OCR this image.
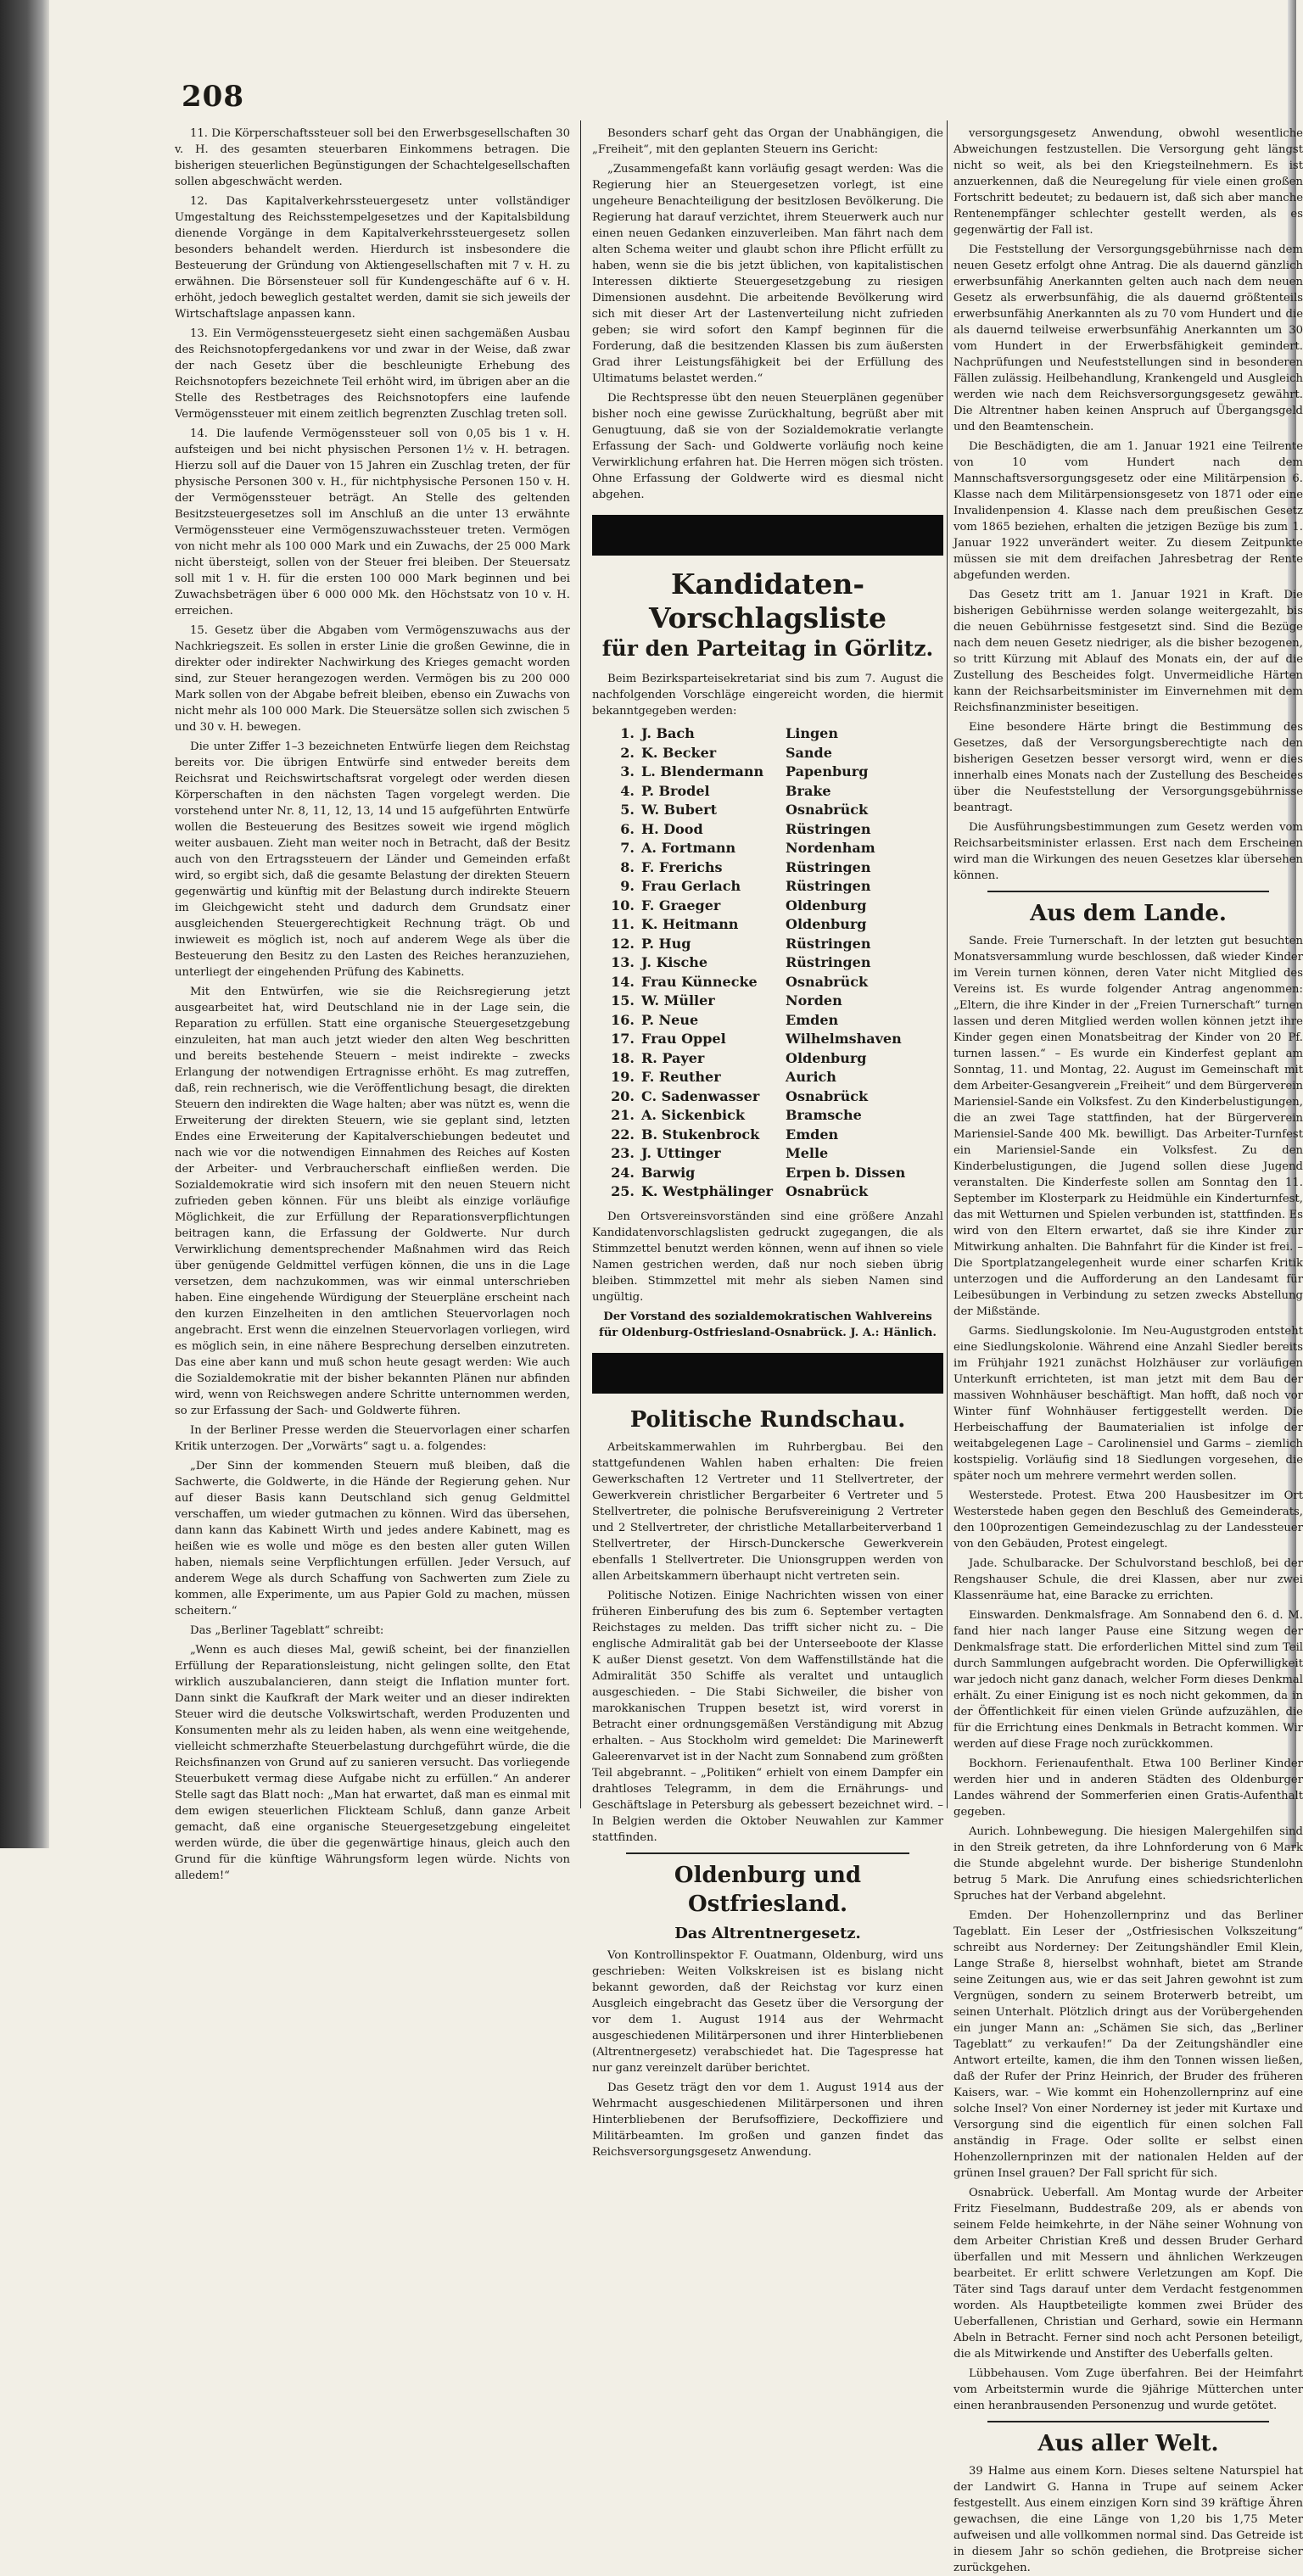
208

11. Die Körperschaftssteuer soll bei den Erwerbsgesellschaften 30 v. H. des gesamten steuerbaren Einkommens betragen. Die bisherigen steuerlichen Begünstigungen der Schachtelgesellschaften sollen abgeschwächt werden.

12. Das Kapitalverkehrssteuergesetz unter vollständiger Umgestaltung des Reichsstempelgesetzes und der Kapitalsbildung dienende Vorgänge in dem Kapitalverkehrssteuergesetz sollen besonders behandelt werden. Hierdurch ist insbesondere die Besteuerung der Gründung von Aktiengesellschaften mit 7 v. H. zu erwähnen. Die Börsensteuer soll für Kundengeschäfte auf 6 v. H. erhöht, jedoch beweglich gestaltet werden, damit sie sich jeweils der Wirtschaftslage anpassen kann.

13. Ein Vermögenssteuergesetz sieht einen sachgemäßen Ausbau des Reichsnotopfergedankens vor und zwar in der Weise, daß zwar der nach Gesetz über die beschleunigte Erhebung des Reichsnotopfers bezeichnete Teil erhöht wird, im übrigen aber an die Stelle des Restbetrages des Reichsnotopfers eine laufende Vermögenssteuer mit einem zeitlich begrenzten Zuschlag treten soll.

14. Die laufende Vermögenssteuer soll von 0,05 bis 1 v. H. aufsteigen und bei nicht physischen Personen 1½ v. H. betragen. Hierzu soll auf die Dauer von 15 Jahren ein Zuschlag treten, der für physische Personen 300 v. H., für nichtphysische Personen 150 v. H. der Vermögenssteuer beträgt. An Stelle des geltenden Besitzsteuergesetzes soll im Anschluß an die unter 13 erwähnte Vermögenssteuer eine Vermögenszuwachssteuer treten. Vermögen von nicht mehr als 100 000 Mark und ein Zuwachs, der 25 000 Mark nicht übersteigt, sollen von der Steuer frei bleiben. Der Steuersatz soll mit 1 v. H. für die ersten 100 000 Mark beginnen und bei Zuwachsbeträgen über 6 000 000 Mk. den Höchstsatz von 10 v. H. erreichen.

15. Gesetz über die Abgaben vom Vermögenszuwachs aus der Nachkriegszeit. Es sollen in erster Linie die großen Gewinne, die in direkter oder indirekter Nachwirkung des Krieges gemacht worden sind, zur Steuer herangezogen werden. Vermögen bis zu 200 000 Mark sollen von der Abgabe befreit bleiben, ebenso ein Zuwachs von nicht mehr als 100 000 Mark. Die Steuersätze sollen sich zwischen 5 und 30 v. H. bewegen.

Die unter Ziffer 1–3 bezeichneten Entwürfe liegen dem Reichstag bereits vor. Die übrigen Entwürfe sind entweder bereits dem Reichsrat und Reichswirtschaftsrat vorgelegt oder werden diesen Körperschaften in den nächsten Tagen vorgelegt werden. Die vorstehend unter Nr. 8, 11, 12, 13, 14 und 15 aufgeführten Entwürfe wollen die Besteuerung des Besitzes soweit wie irgend möglich weiter ausbauen. Zieht man weiter noch in Betracht, daß der Besitz auch von den Ertragssteuern der Länder und Gemeinden erfaßt wird, so ergibt sich, daß die gesamte Belastung der direkten Steuern gegenwärtig und künftig mit der Belastung durch indirekte Steuern im Gleichgewicht steht und dadurch dem Grundsatz einer ausgleichenden Steuergerechtigkeit Rechnung trägt. Ob und inwieweit es möglich ist, noch auf anderem Wege als über die Besteuerung den Besitz zu den Lasten des Reiches heranzuziehen, unterliegt der eingehenden Prüfung des Kabinetts.

Mit den Entwürfen, wie sie die Reichsregierung jetzt ausgearbeitet hat, wird Deutschland nie in der Lage sein, die Reparation zu erfüllen. Statt eine organische Steuergesetzgebung einzuleiten, hat man auch jetzt wieder den alten Weg beschritten und bereits bestehende Steuern – meist indirekte – zwecks Erlangung der notwendigen Ertragnisse erhöht. Es mag zutreffen, daß, rein rechnerisch, wie die Veröffentlichung besagt, die direkten Steuern den indirekten die Wage halten; aber was nützt es, wenn die Erweiterung der direkten Steuern, wie sie geplant sind, letzten Endes eine Erweiterung der Kapitalverschiebungen bedeutet und nach wie vor die notwendigen Einnahmen des Reiches auf Kosten der Arbeiter- und Verbraucherschaft einfließen werden. Die Sozialdemokratie wird sich insofern mit den neuen Steuern nicht zufrieden geben können. Für uns bleibt als einzige vorläufige Möglichkeit, die zur Erfüllung der Reparationsverpflichtungen beitragen kann, die Erfassung der Goldwerte. Nur durch Verwirklichung dementsprechender Maßnahmen wird das Reich über genügende Geldmittel verfügen können, die uns in die Lage versetzen, dem nachzukommen, was wir einmal unterschrieben haben. Eine eingehende Würdigung der Steuerpläne erscheint nach den kurzen Einzelheiten in den amtlichen Steuervorlagen noch angebracht. Erst wenn die einzelnen Steuervorlagen vorliegen, wird es möglich sein, in eine nähere Besprechung derselben einzutreten. Das eine aber kann und muß schon heute gesagt werden: Wie auch die Sozialdemokratie mit der bisher bekannten Plänen nur abfinden wird, wenn von Reichswegen andere Schritte unternommen werden, so zur Erfassung der Sach- und Goldwerte führen.

In der Berliner Presse werden die Steuervorlagen einer scharfen Kritik unterzogen. Der „Vorwärts“ sagt u. a. folgendes:

„Der Sinn der kommenden Steuern muß bleiben, daß die Sachwerte, die Goldwerte, in die Hände der Regierung gehen. Nur auf dieser Basis kann Deutschland sich genug Geldmittel verschaffen, um wieder gutmachen zu können. Wird das übersehen, dann kann das Kabinett Wirth und jedes andere Kabinett, mag es heißen wie es wolle und möge es den besten aller guten Willen haben, niemals seine Verpflichtungen erfüllen. Jeder Versuch, auf anderem Wege als durch Schaffung von Sachwerten zum Ziele zu kommen, alle Experimente, um aus Papier Gold zu machen, müssen scheitern.“

Das „Berliner Tageblatt“ schreibt:

„Wenn es auch dieses Mal, gewiß scheint, bei der finanziellen Erfüllung der Reparationsleistung, nicht gelingen sollte, den Etat wirklich auszubalancieren, dann steigt die Inflation munter fort. Dann sinkt die Kaufkraft der Mark weiter und an dieser indirekten Steuer wird die deutsche Volkswirtschaft, werden Produzenten und Konsumenten mehr als zu leiden haben, als wenn eine weitgehende, vielleicht schmerzhafte Steuerbelastung durchgeführt würde, die die Reichsfinanzen von Grund auf zu sanieren versucht. Das vorliegende Steuerbukett vermag diese Aufgabe nicht zu erfüllen.“ An anderer Stelle sagt das Blatt noch: „Man hat erwartet, daß man es einmal mit dem ewigen steuerlichen Flickteam Schluß, dann ganze Arbeit gemacht, daß eine organische Steuergesetzgebung eingeleitet werden würde, die über die gegenwärtige hinaus, gleich auch den Grund für die künftige Währungsform legen würde. Nichts von alledem!“

Besonders scharf geht das Organ der Unabhängigen, die „Freiheit“, mit den geplanten Steuern ins Gericht:

„Zusammengefaßt kann vorläufig gesagt werden: Was die Regierung hier an Steuergesetzen vorlegt, ist eine ungeheure Benachteiligung der besitzlosen Bevölkerung. Die Regierung hat darauf verzichtet, ihrem Steuerwerk auch nur einen neuen Gedanken einzuverleiben. Man fährt nach dem alten Schema weiter und glaubt schon ihre Pflicht erfüllt zu haben, wenn sie die bis jetzt üblichen, von kapitalistischen Interessen diktierte Steuergesetzgebung zu riesigen Dimensionen ausdehnt. Die arbeitende Bevölkerung wird sich mit dieser Art der Lastenverteilung nicht zufrieden geben; sie wird sofort den Kampf beginnen für die Forderung, daß die besitzenden Klassen bis zum äußersten Grad ihrer Leistungsfähigkeit bei der Erfüllung des Ultimatums belastet werden.“

Die Rechtspresse übt den neuen Steuerplänen gegenüber bisher noch eine gewisse Zurückhaltung, begrüßt aber mit Genugtuung, daß sie von der Sozialdemokratie verlangte Erfassung der Sach- und Goldwerte vorläufig noch keine Verwirklichung erfahren hat. Die Herren mögen sich trösten. Ohne Erfassung der Goldwerte wird es diesmal nicht abgehen.

Kandidaten-Vorschlagsliste
für den Parteitag in Görlitz.

Beim Bezirksparteisekretariat sind bis zum 7. August die nachfolgenden Vorschläge eingereicht worden, die hiermit bekanntgegeben werden:

1.	J. Bach	Lingen
2.	K. Becker	Sande
3.	L. Blendermann	Papenburg
4.	P. Brodel	Brake
5.	W. Bubert	Osnabrück
6.	H. Dood	Rüstringen
7.	A. Fortmann	Nordenham
8.	F. Frerichs	Rüstringen
9.	Frau Gerlach	Rüstringen
10.	F. Graeger	Oldenburg
11.	K. Heitmann	Oldenburg
12.	P. Hug	Rüstringen
13.	J. Kische	Rüstringen
14.	Frau Künnecke	Osnabrück
15.	W. Müller	Norden
16.	P. Neue	Emden
17.	Frau Oppel	Wilhelmshaven
18.	R. Payer	Oldenburg
19.	F. Reuther	Aurich
20.	C. Sadenwasser	Osnabrück
21.	A. Sickenbick	Bramsche
22.	B. Stukenbrock	Emden
23.	J. Uttinger	Melle
24.	Barwig	Erpen b. Dissen
25.	K. Westphälinger	Osnabrück

Den Ortsvereinsvorständen sind eine größere Anzahl Kandidatenvorschlagslisten gedruckt zugegangen, die als Stimmzettel benutzt werden können, wenn auf ihnen so viele Namen gestrichen werden, daß nur noch sieben übrig bleiben. Stimmzettel mit mehr als sieben Namen sind ungültig.

Der Vorstand des sozialdemokratischen Wahlvereins für Oldenburg-Ostfriesland-Osnabrück. J. A.: Hänlich.
Politische Rundschau.

Arbeitskammerwahlen im Ruhrbergbau. Bei den stattgefundenen Wahlen haben erhalten: Die freien Gewerkschaften 12 Vertreter und 11 Stellvertreter, der Gewerkverein christlicher Bergarbeiter 6 Vertreter und 5 Stellvertreter, die polnische Berufsvereinigung 2 Vertreter und 2 Stellvertreter, der christliche Metallarbeiterverband 1 Stellvertreter, der Hirsch-Dunckersche Gewerkverein ebenfalls 1 Stellvertreter. Die Unionsgruppen werden von allen Arbeitskammern überhaupt nicht vertreten sein.

Politische Notizen. Einige Nachrichten wissen von einer früheren Einberufung des bis zum 6. September vertagten Reichstages zu melden. Das trifft sicher nicht zu. – Die englische Admiralität gab bei der Unterseeboote der Klasse K außer Dienst gesetzt. Von dem Waffenstillstände hat die Admiralität 350 Schiffe als veraltet und untauglich ausgeschieden. – Die Stabi Sichweiler, die bisher von marokkanischen Truppen besetzt ist, wird vorerst in Betracht einer ordnungsgemäßen Verständigung mit Abzug erhalten. – Aus Stockholm wird gemeldet: Die Marinewerft Galeerenvarvet ist in der Nacht zum Sonnabend zum größten Teil abgebrannt. – „Politiken“ erhielt von einem Dampfer ein drahtloses Telegramm, in dem die Ernährungs- und Geschäftslage in Petersburg als gebessert bezeichnet wird. – In Belgien werden die Oktober Neuwahlen zur Kammer stattfinden.

Oldenburg und Ostfriesland.
Das Altrentnergesetz.

Von Kontrollinspektor F. Ouatmann, Oldenburg, wird uns geschrieben: Weiten Volkskreisen ist es bislang nicht bekannt geworden, daß der Reichstag vor kurz einen Ausgleich eingebracht das Gesetz über die Versorgung der vor dem 1. August 1914 aus der Wehrmacht ausgeschiedenen Militärpersonen und ihrer Hinterbliebenen (Altrentnergesetz) verabschiedet hat. Die Tagespresse hat nur ganz vereinzelt darüber berichtet.

Das Gesetz trägt den vor dem 1. August 1914 aus der Wehrmacht ausgeschiedenen Militärpersonen und ihren Hinterbliebenen der Berufsoffiziere, Deckoffiziere und Militärbeamten. Im großen und ganzen findet das Reichsversorgungsgesetz Anwendung.

versorgungsgesetz Anwendung, obwohl wesentliche Abweichungen festzustellen. Die Versorgung geht längst nicht so weit, als bei den Kriegsteilnehmern. Es ist anzuerkennen, daß die Neuregelung für viele einen großen Fortschritt bedeutet; zu bedauern ist, daß sich aber manche Rentenempfänger schlechter gestellt werden, als es gegenwärtig der Fall ist.

Die Feststellung der Versorgungsgebührnisse nach dem neuen Gesetz erfolgt ohne Antrag. Die als dauernd gänzlich erwerbsunfähig Anerkannten gelten auch nach dem neuen Gesetz als erwerbsunfähig, die als dauernd größtenteils erwerbsunfähig Anerkannten als zu 70 vom Hundert und die als dauernd teilweise erwerbsunfähig Anerkannten um 30 vom Hundert in der Erwerbsfähigkeit gemindert. Nachprüfungen und Neufeststellungen sind in besonderen Fällen zulässig. Heilbehandlung, Krankengeld und Ausgleich werden wie nach dem Reichsversorgungsgesetz gewährt. Die Altrentner haben keinen Anspruch auf Übergangsgeld und den Beamtenschein.

Die Beschädigten, die am 1. Januar 1921 eine Teilrente von 10 vom Hundert nach dem Mannschaftsversorgungsgesetz oder eine Militärpension 6. Klasse nach dem Militärpensionsgesetz von 1871 oder eine Invalidenpension 4. Klasse nach dem preußischen Gesetz vom 1865 beziehen, erhalten die jetzigen Bezüge bis zum 1. Januar 1922 unverändert weiter. Zu diesem Zeitpunkte müssen sie mit dem dreifachen Jahresbetrag der Rente abgefunden werden.

Das Gesetz tritt am 1. Januar 1921 in Kraft. Die bisherigen Gebührnisse werden solange weitergezahlt, bis die neuen Gebührnisse festgesetzt sind. Sind die Bezüge nach dem neuen Gesetz niedriger, als die bisher bezogenen, so tritt Kürzung mit Ablauf des Monats ein, der auf die Zustellung des Bescheides folgt. Unvermeidliche Härten kann der Reichsarbeitsminister im Einvernehmen mit dem Reichsfinanzminister beseitigen.

Eine besondere Härte bringt die Bestimmung des Gesetzes, daß der Versorgungsberechtigte nach den bisherigen Gesetzen besser versorgt wird, wenn er dies innerhalb eines Monats nach der Zustellung des Bescheides über die Neufeststellung der Versorgungsgebührnisse beantragt.

Die Ausführungsbestimmungen zum Gesetz werden vom Reichsarbeitsminister erlassen. Erst nach dem Erscheinen wird man die Wirkungen des neuen Gesetzes klar übersehen können.

Aus dem Lande.

Sande. Freie Turnerschaft. In der letzten gut besuchten Monatsversammlung wurde beschlossen, daß wieder Kinder im Verein turnen können, deren Vater nicht Mitglied des Vereins ist. Es wurde folgender Antrag angenommen: „Eltern, die ihre Kinder in der „Freien Turnerschaft“ turnen lassen und deren Mitglied werden wollen können jetzt ihre Kinder gegen einen Monatsbeitrag der Kinder von 20 Pf. turnen lassen.“ – Es wurde ein Kinderfest geplant am Sonntag, 11. und Montag, 22. August im Gemeinschaft mit dem Arbeiter-Gesangverein „Freiheit“ und dem Bürgerverein Mariensiel-Sande ein Volksfest. Zu den Kinderbelustigungen, die an zwei Tage stattfinden, hat der Bürgerverein Mariensiel-Sande 400 Mk. bewilligt. Das Arbeiter-Turnfest ein Mariensiel-Sande ein Volksfest. Zu den Kinderbelustigungen, die Jugend sollen diese Jugend veranstalten. Die Kinderfeste sollen am Sonntag den 11. September im Klosterpark zu Heidmühle ein Kinderturnfest, das mit Wetturnen und Spielen verbunden ist, stattfinden. Es wird von den Eltern erwartet, daß sie ihre Kinder zur Mitwirkung anhalten. Die Bahnfahrt für die Kinder ist frei. – Die Sportplatzangelegenheit wurde einer scharfen Kritik unterzogen und die Aufforderung an den Landesamt für Leibesübungen in Verbindung zu setzen zwecks Abstellung der Mißstände.

Garms. Siedlungskolonie. Im Neu-Augustgroden entsteht eine Siedlungskolonie. Während eine Anzahl Siedler bereits im Frühjahr 1921 zunächst Holzhäuser zur vorläufigen Unterkunft errichteten, ist man jetzt mit dem Bau der massiven Wohnhäuser beschäftigt. Man hofft, daß noch vor Winter fünf Wohnhäuser fertiggestellt werden. Die Herbeischaffung der Baumaterialien ist infolge der weitabgelegenen Lage – Carolinensiel und Garms – ziemlich kostspielig. Vorläufig sind 18 Siedlungen vorgesehen, die später noch um mehrere vermehrt werden sollen.

Westerstede. Protest. Etwa 200 Hausbesitzer im Ort Westerstede haben gegen den Beschluß des Gemeinderats, den 100prozentigen Gemeindezuschlag zu der Landessteuer von den Gebäuden, Protest eingelegt.

Jade. Schulbaracke. Der Schulvorstand beschloß, bei der Rengshauser Schule, die drei Klassen, aber nur zwei Klassenräume hat, eine Baracke zu errichten.

Einswarden. Denkmalsfrage. Am Sonnabend den 6. d. M. fand hier nach langer Pause eine Sitzung wegen der Denkmalsfrage statt. Die erforderlichen Mittel sind zum Teil durch Sammlungen aufgebracht worden. Die Opferwilligkeit war jedoch nicht ganz danach, welcher Form dieses Denkmal erhält. Zu einer Einigung ist es noch nicht gekommen, da in der Öffentlichkeit für einen vielen Gründe aufzuzählen, die für die Errichtung eines Denkmals in Betracht kommen. Wir werden auf diese Frage noch zurückkommen.

Bockhorn. Ferienaufenthalt. Etwa 100 Berliner Kinder werden hier und in anderen Städten des Oldenburger Landes während der Sommerferien einen Gratis-Aufenthalt gegeben.

Aurich. Lohnbewegung. Die hiesigen Malergehilfen sind in den Streik getreten, da ihre Lohnforderung von 6 Mark die Stunde abgelehnt wurde. Der bisherige Stundenlohn betrug 5 Mark. Die Anrufung eines schiedsrichterlichen Spruches hat der Verband abgelehnt.

Emden. Der Hohenzollernprinz und das Berliner Tageblatt. Ein Leser der „Ostfriesischen Volkszeitung“ schreibt aus Norderney: Der Zeitungshändler Emil Klein, Lange Straße 8, hierselbst wohnhaft, bietet am Strande seine Zeitungen aus, wie er das seit Jahren gewohnt ist zum Vergnügen, sondern zu seinem Broterwerb betreibt, um seinen Unterhalt. Plötzlich dringt aus der Vorübergehenden ein junger Mann an: „Schämen Sie sich, das „Berliner Tageblatt“ zu verkaufen!“ Da der Zeitungshändler eine Antwort erteilte, kamen, die ihm den Tonnen wissen ließen, daß der Rufer der Prinz Heinrich, der Bruder des früheren Kaisers, war. – Wie kommt ein Hohenzollernprinz auf eine solche Insel? Von einer Norderney ist jeder mit Kurtaxe und Versorgung sind die eigentlich für einen solchen Fall anständig in Frage. Oder sollte er selbst einen Hohenzollernprinzen mit der nationalen Helden auf der grünen Insel grauen? Der Fall spricht für sich.

Osnabrück. Ueberfall. Am Montag wurde der Arbeiter Fritz Fieselmann, Buddestraße 209, als er abends von seinem Felde heimkehrte, in der Nähe seiner Wohnung von dem Arbeiter Christian Kreß und dessen Bruder Gerhard überfallen und mit Messern und ähnlichen Werkzeugen bearbeitet. Er erlitt schwere Verletzungen am Kopf. Die Täter sind Tags darauf unter dem Verdacht festgenommen worden. Als Hauptbeteiligte kommen zwei Brüder des Ueberfallenen, Christian und Gerhard, sowie ein Hermann Abeln in Betracht. Ferner sind noch acht Personen beteiligt, die als Mitwirkende und Anstifter des Ueberfalls gelten.

Lübbehausen. Vom Zuge überfahren. Bei der Heimfahrt vom Arbeitstermin wurde die 9jährige Mütterchen unter einen heranbrausenden Personenzug und wurde getötet.

Aus aller Welt.

39 Halme aus einem Korn. Dieses seltene Naturspiel hat der Landwirt G. Hanna in Trupe auf seinem Acker festgestellt. Aus einem einzigen Korn sind 39 kräftige Ähren gewachsen, die eine Länge von 1,20 bis 1,75 Meter aufweisen und alle vollkommen normal sind. Das Getreide ist in diesem Jahr so schön gediehen, die Brotpreise sicher zurückgehen.
